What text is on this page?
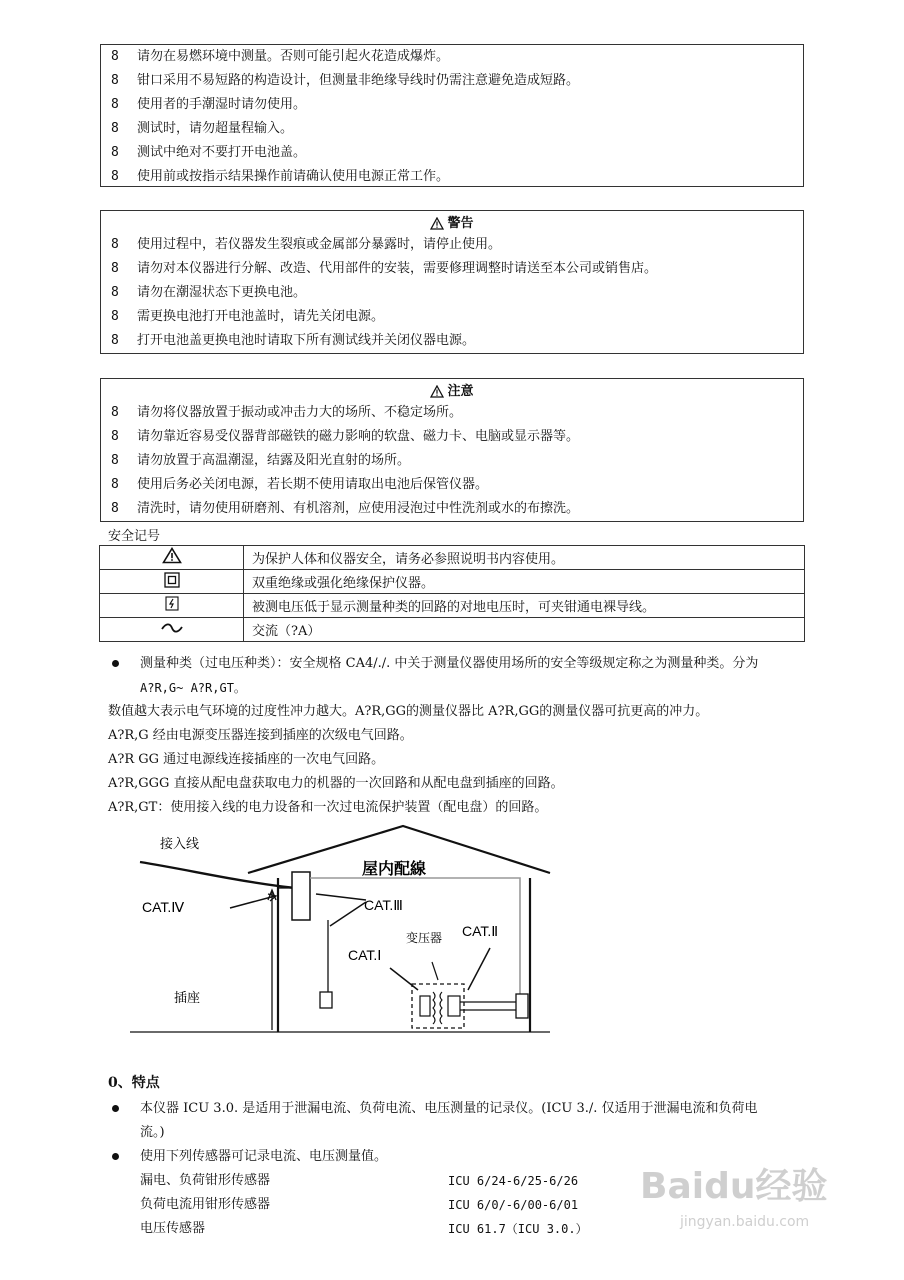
8 请勿在易燃环境中测量。否则可能引起火花造成爆炸。
8 钳口采用不易短路的构造设计，但测量非绝缘导线时仍需注意避免造成短路。
8 使用者的手潮湿时请勿使用。
8 测试时，请勿超量程输入。
8 测试中绝对不要打开电池盖。
8 使用前或按指示结果操作前请确认使用电源正常工作。
警告
8 使用过程中，若仪器发生裂痕或金属部分暴露时，请停止使用。
8 请勿对本仪器进行分解、改造、代用部件的安装，需要修理调整时请送至本公司或销售店。
8 请勿在潮湿状态下更换电池。
8 需更换电池打开电池盖时，请先关闭电源。
8 打开电池盖更换电池时请取下所有测试线并关闭仪器电源。
注意
8 请勿将仪器放置于振动或冲击力大的场所、不稳定场所。
8 请勿靠近容易受仪器背部磁铁的磁力影响的软盘、磁力卡、电脑或显示器等。
8 请勿放置于高温潮湿，结露及阳光直射的场所。
8 使用后务必关闭电源，若长期不使用请取出电池后保管仪器。
8 清洗时，请勿使用研磨剂、有机溶剂，应使用浸泡过中性洗剂或水的布擦洗。
安全记号
	为保护人体和仪器安全，请务必参照说明书内容使用。
	双重绝缘或强化绝缘保护仪器。
	被测电压低于显示测量种类的回路的对地电压时，可夹钳通电裸导线。
	交流（?A）
测量种类（过电压种类）：安全规格 ⅭA4/./. 中关于测量仪器使用场所的安全等级规定称之为测量种类。分为
A?R,G~ A?R,GT。
数值越大表示电气环境的过度性冲力越大。A?R,GG的测量仪器比 A?R,GG的测量仪器可抗更高的冲力。
A?R,G 经由电源变压器连接到插座的次级电气回路。
A?R GG 通过电源线连接插座的一次电气回路。
A?R,GGG 直接从配电盘获取电力的机器的一次回路和从配电盘到插座的回路。
A?R,GT：使用接入线的电力设备和一次过电流保护装置（配电盘）的回路。
接入线
屋内配線
CAT.Ⅳ	CAT.Ⅲ
CAT.Ⅱ
CAT.Ⅰ
变压器
插座
0、特点
本仪器 ICU 3.0. 是适用于泄漏电流、负荷电流、电压测量的记录仪。(ICU 3./. 仅适用于泄漏电流和负荷电
流。)
使用下列传感器可记录电流、电压测量值。
漏电、负荷钳形传感器	ICU 6/24-6/25-6/26
负荷电流用钳形传感器	ICU 6/0/-6/00-6/01
电压传感器	ICU 61.7（ICU 3.0.）
Baidu经验
jingyan.baidu.com
